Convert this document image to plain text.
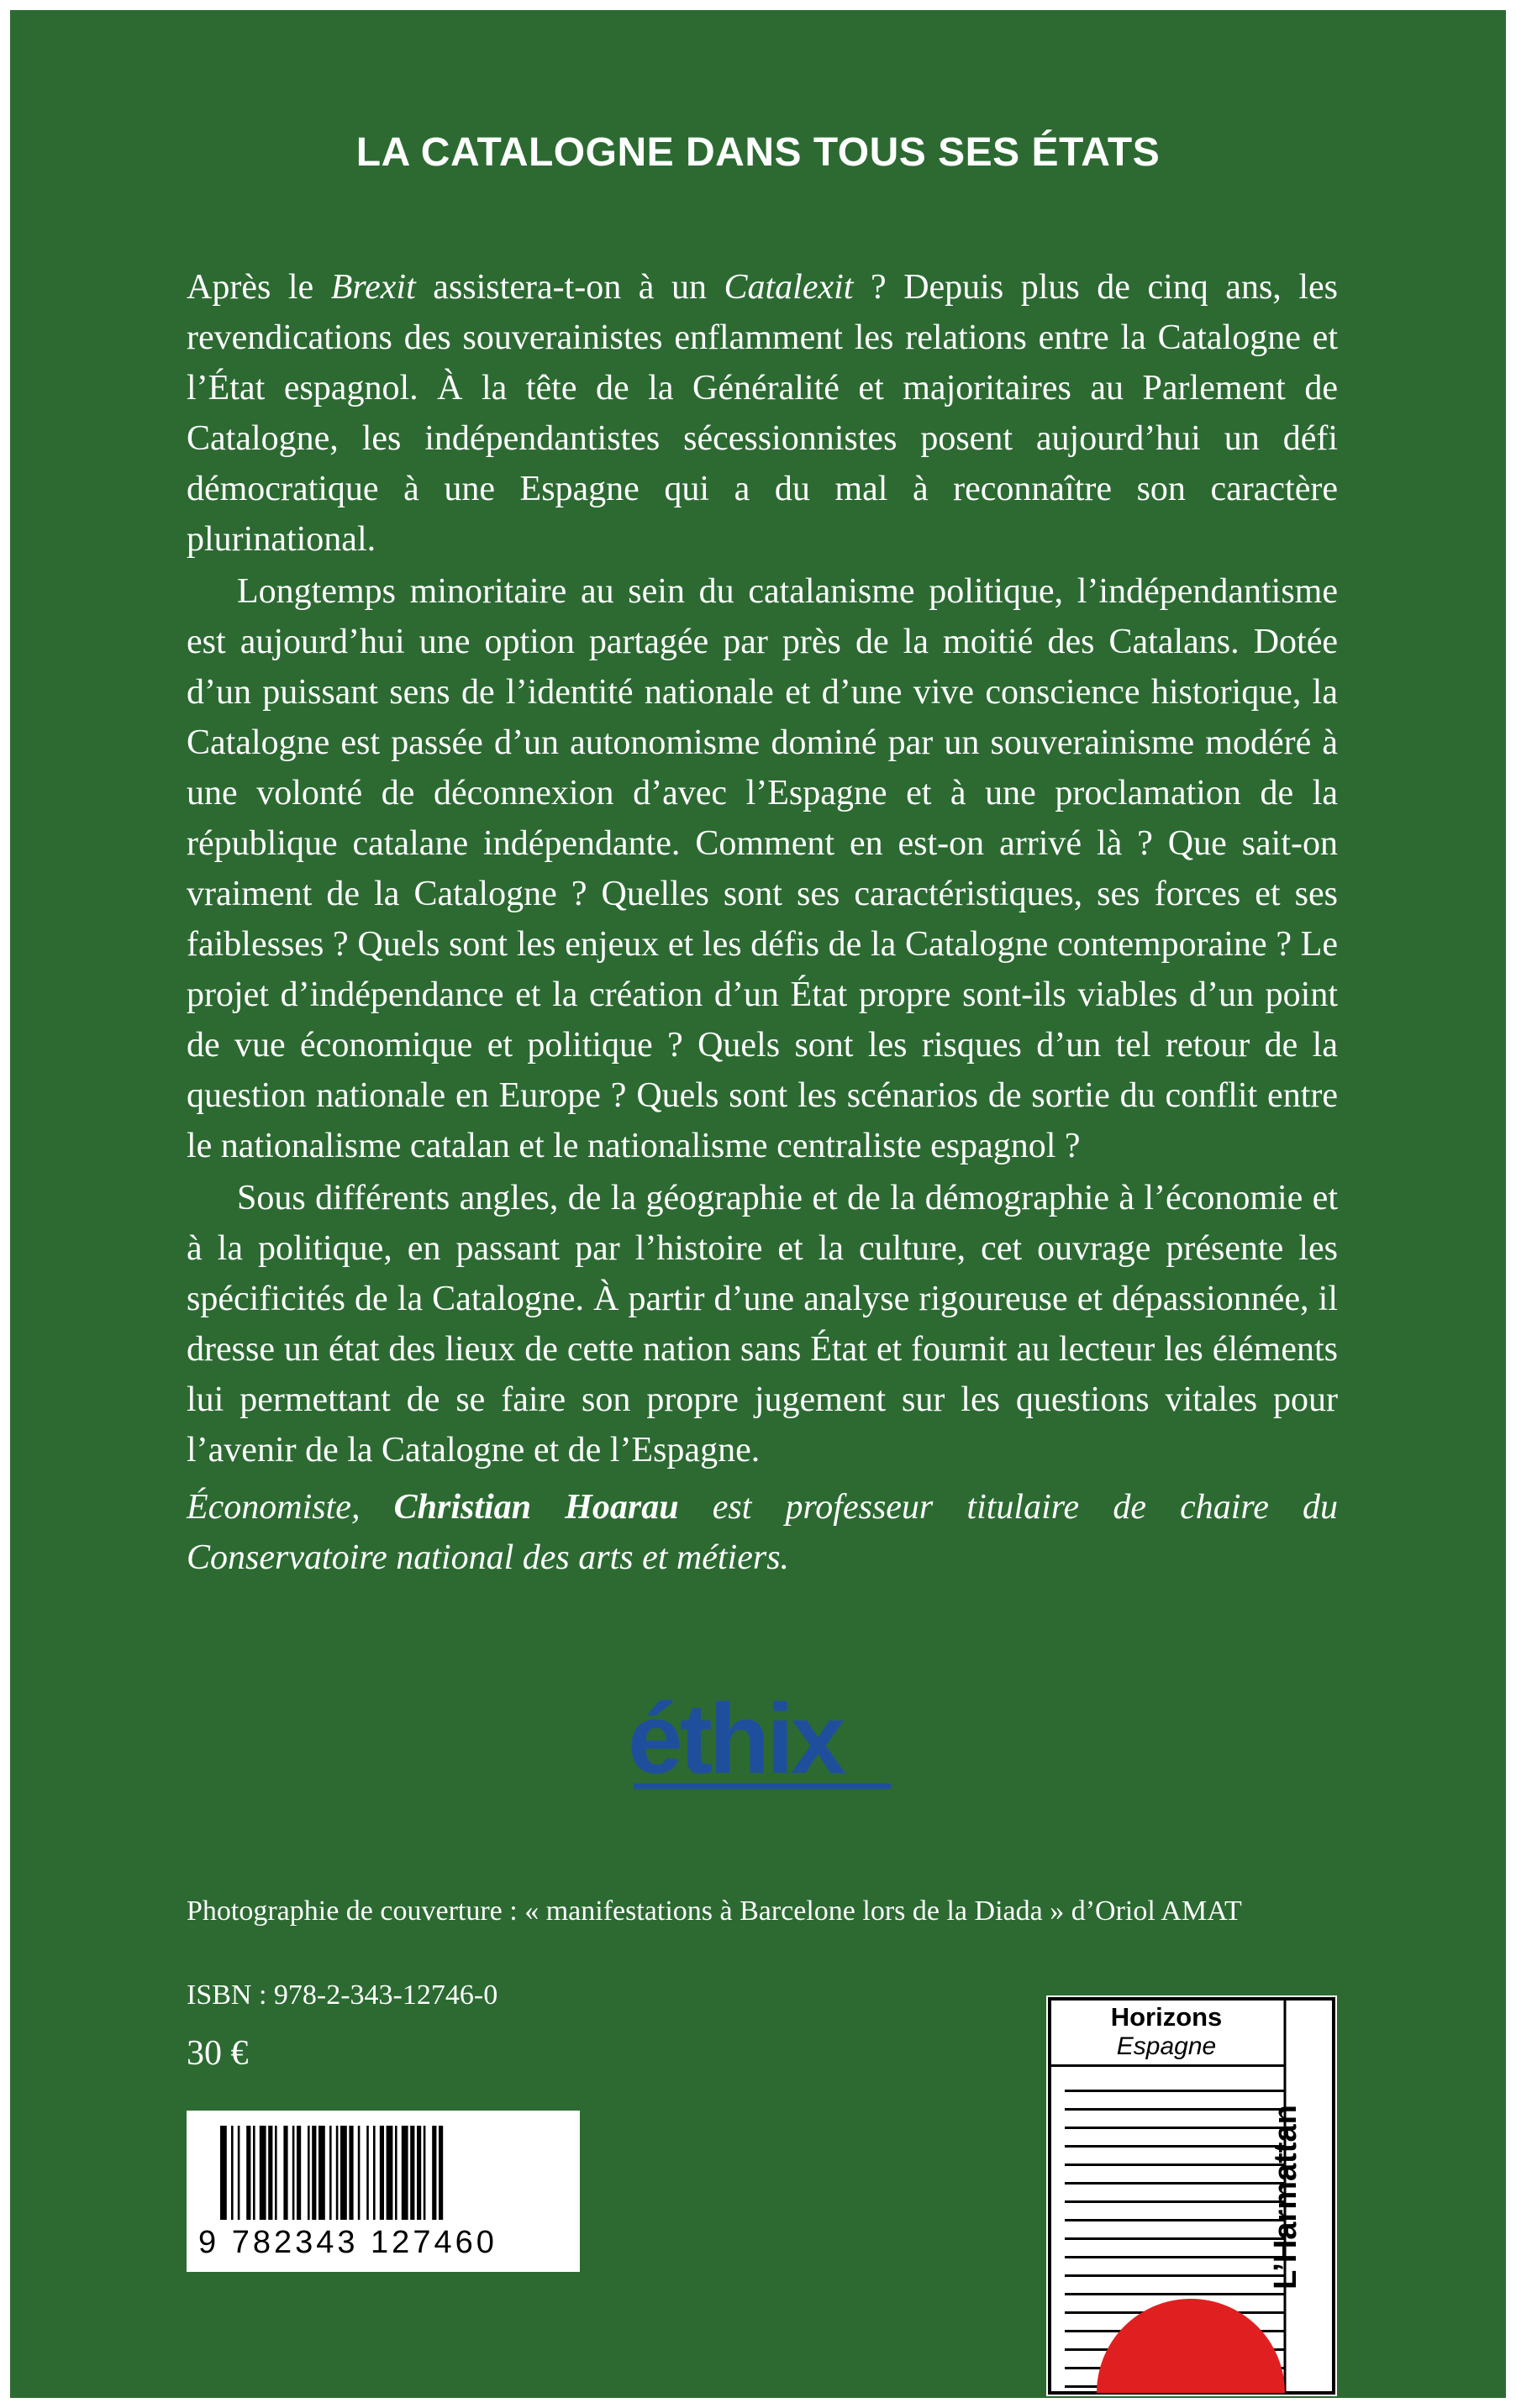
LA CATALOGNE DANS TOUS SES ÉTATS

Après le Brexit assistera-t-on à un Catalexit ? Depuis plus de cinq ans, les revendications des souverainistes enflamment les relations entre la Catalogne et l’État espagnol. À la tête de la Généralité et majoritaires au Parlement de Catalogne, les indépendantistes sécessionnistes posent aujourd’hui un défi démocratique à une Espagne qui a du mal à reconnaître son caractère plurinational.

Longtemps minoritaire au sein du catalanisme politique, l’indépendantisme est aujourd’hui une option partagée par près de la moitié des Catalans. Dotée d’un puissant sens de l’identité nationale et d’une vive conscience historique, la Catalogne est passée d’un autonomisme dominé par un souverainisme modéré à une volonté de déconnexion d’avec l’Espagne et à une proclamation de la république catalane indépendante. Comment en est-on arrivé là ? Que sait-on vraiment de la Catalogne ? Quelles sont ses caractéristiques, ses forces et ses faiblesses ? Quels sont les enjeux et les défis de la Catalogne contemporaine ? Le projet d’indépendance et la création d’un État propre sont-ils viables d’un point de vue économique et politique ? Quels sont les risques d’un tel retour de la question nationale en Europe ? Quels sont les scénarios de sortie du conflit entre le nationalisme catalan et le nationalisme centraliste espagnol ?

Sous différents angles, de la géographie et de la démographie à l’économie et à la politique, en passant par l’histoire et la culture, cet ouvrage présente les spécificités de la Catalogne. À partir d’une analyse rigoureuse et dépassionnée, il dresse un état des lieux de cette nation sans État et fournit au lecteur les éléments lui permettant de se faire son propre jugement sur les questions vitales pour l’avenir de la Catalogne et de l’Espagne.

Économiste, Christian Hoarau est professeur titulaire de chaire du Conservatoire national des arts et métiers.
éthix
Photographie de couverture : « manifestations à Barcelone lors de la Diada » d’Oriol AMAT
ISBN : 978-2-343-12746-0
30 €
9 782343 127460
Horizons
Espagne
L’Harmattan
